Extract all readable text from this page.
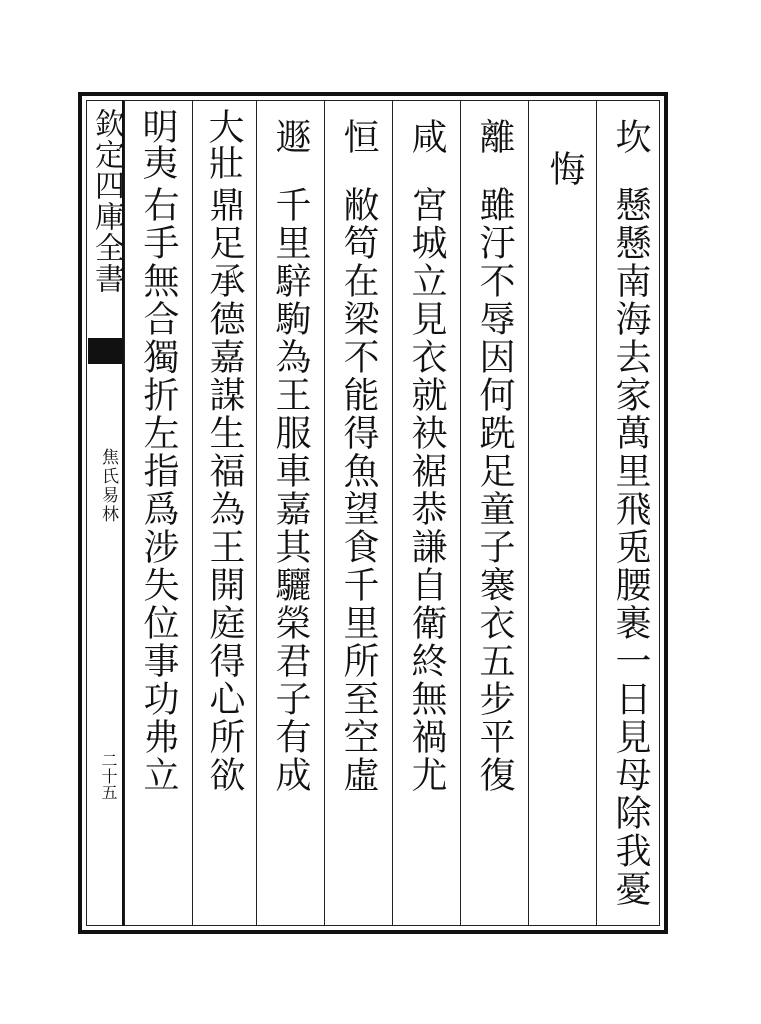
欽定四庫全書
焦氏易林
二十五
坎
懸懸南海去家萬里飛兎腰裹一日見母除我憂
悔
離
雖汙不辱因何跣足童子褰衣五步平復
咸
宮城立見衣就袂裾恭謙自衛終無禍尤
恒
敝笱在梁不能得魚望食千里所至空虛
遯
千里騂駒為王服車嘉其驪榮君子有成
大壯
鼎足承德嘉謀生福為王開庭得心所欲
明夷
右手無合獨折左指爲涉失位事功弗立
